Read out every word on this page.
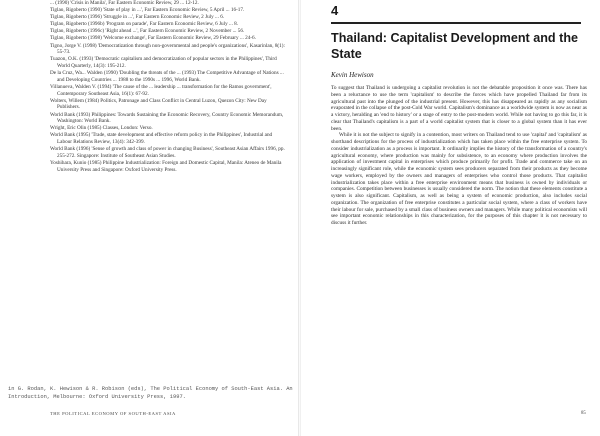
... (1990) 'Crisis in Manila', Far Eastern Economic Review, 29 ... 12-12.
Tiglao, Rigoberto (1990) 'State of play in ...', Far Eastern Economic Review, 5 April ... 16-17.
Tiglao, Rigoberto (1996) 'Struggle in ...', Far Eastern Economic Review, 2 July ... 6.
Tiglao, Rigoberto (1996b) 'Program on parade', Far Eastern Economic Review, 6 July ... 8.
Tiglao, Rigoberto (1996c) 'Right ahead ...', Far Eastern Economic Review, 2 November ... 56.
Tiglao, Rigoberto (1998) 'Welcome exchange', Far Eastern Economic Review, 29 February ... 24-6.
Tigno, Jorge V. (1998) 'Democratization through non-governmental and people's organizations', Kasarinlan, 8(1): 55-73.
Tuazon, O.K. (1993) 'Democratic capitalism and democratization of popular sectors in the Philippines', Third World Quarterly, 14(3): 195-212.
De la Cruz, Wa... Walden (1990) 'Doubling the threats of the ... (1993) The Competitive Advantage of Nations ... and Developing Countries ... 1988 to the 1990s ... 1996, World Bank.
Villanueva, Walden V. (1994) 'The cause of the ... leadership ... transformation for the Ramos government', Contemporary Southeast Asia, 16(1): 67-92.
Wolters, Willem (1984) Politics, Patronage and Class Conflict in Central Luzon, Quezon City: New Day Publishers.
World Bank (1993) Philippines: Towards Sustaining the Economic Recovery, Country Economic Memorandum, Washington: World Bank.
Wright, Eric Olin (1985) Classes, London: Verso.
World Bank (1995) 'Trade, state development and effective reform policy in the Philippines', Industrial and Labour Relations Review, 13(4): 342-399.
World Bank (1996) 'Sense of growth and class of power in changing Business', Southeast Asian Affairs 1996, pp. 255-272. Singapore: Institute of Southeast Asian Studies.
Yoshihara, Kunio (1985) Philippine Industrialization: Foreign and Domestic Capital, Manila: Ateneo de Manila University Press and Singapore: Oxford University Press.
in G. Rodan, K. Hewison & R. Robison (eds), The Political Economy of South-East Asia. An Introduction, Melbourne: Oxford University Press, 1997.
THE POLITICAL ECONOMY OF SOUTH-EAST ASIA
4
Thailand: Capitalist Development and the State
Kevin Hewison

To suggest that Thailand is undergoing a capitalist revolution is not the debatable proposition it once was. There has been a reluctance to use the term 'capitalism' to describe the forces which have propelled Thailand far from its agricultural past into the plunged of the industrial present. However, this has disappeared as rapidly as any socialism evaporated in the collapse of the post-Cold War world. Capitalism's dominance as a worldwide system is now as near as a victory, heralding an 'end to history' or a stage of entry to the post-modern world. While not having to go this far, it is clear that Thailand's capitalism is a part of a world capitalist system that is closer to a global system than it has ever been.

While it is not the subject to signify in a contention, most writers on Thailand tend to use 'capital' and 'capitalism' as shorthand descriptions for the process of industrialization which has taken place within the free enterprise system. To consider industrialization as a process is important. It ordinarily implies the history of the transformation of a country's agricultural economy, where production was mainly for subsistence, to an economy where production involves the application of investment capital in enterprises which produce primarily for profit. Trade and commerce take on an increasingly significant role, while the economic system sees producers separated from their products as they become wage workers, employed by the owners and managers of enterprises who control those products. That capitalist industrialization takes place within a free enterprise environment means that business is owned by individuals or companies. Competition between businesses is usually considered the norm. The notion that these elements constitute a system is also significant. Capitalism, as well as being a system of economic production, also includes social organization. The organization of free enterprise constitutes a particular social system, where a class of workers have their labour for sale, purchased by a small class of business owners and managers. While many political economists will see important economic relationships in this characterization, for the purposes of this chapter it is not necessary to discuss it further.

85
